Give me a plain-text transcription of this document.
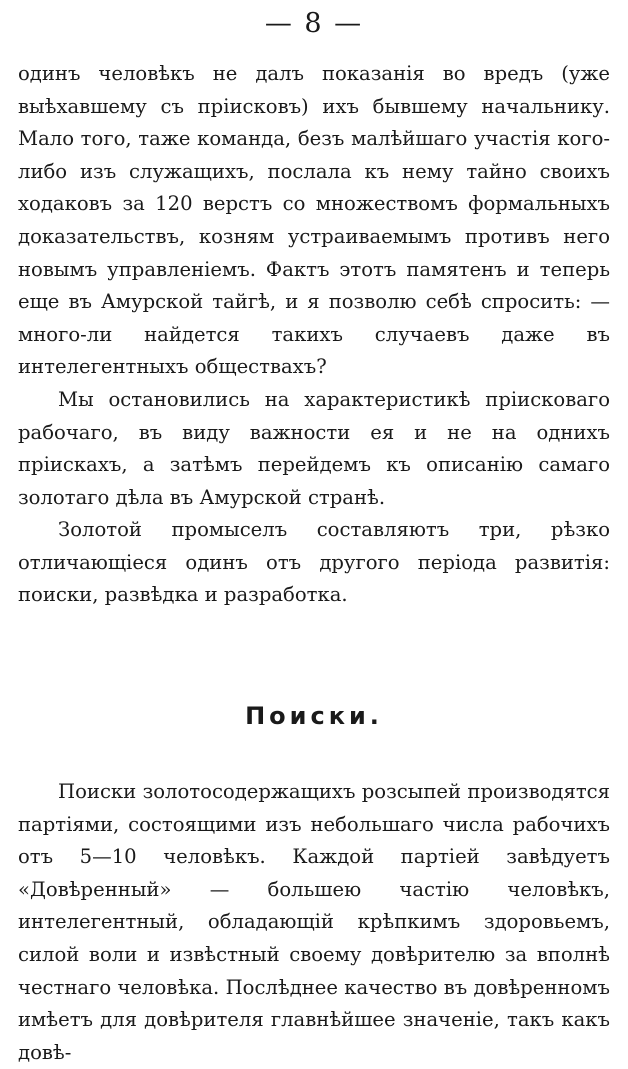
— 8 —

одинъ человѣкъ не далъ показанія во вредъ (уже выѣхавшему съ пріисковъ) ихъ бывшему начальнику. Мало того, таже команда, безъ малѣйшаго участія кого-либо изъ служащихъ, послала къ нему тайно своихъ ходаковъ за 120 верстъ со множествомъ формальныхъ доказательствъ, козням устраиваемымъ противъ него новымъ управленіемъ. Фактъ этотъ памятенъ и теперь еще въ Амурской тайгѣ, и я позволю себѣ спросить: — много-ли найдется такихъ случаевъ даже въ интелегентныхъ обществахъ?

Мы остановились на характеристикѣ пріисковаго рабочаго, въ виду важности ея и не на однихъ пріискахъ, а затѣмъ перейдемъ къ описанію самаго золотаго дѣла въ Амурской странѣ.

Золотой промыселъ составляютъ три, рѣзко отличающіеся одинъ отъ другого періода развитія: поиски, развѣдка и разработка.

Поиски.

Поиски золотосодержащихъ розсыпей производятся партіями, состоящими изъ небольшаго числа рабочихъ отъ 5—10 человѣкъ. Каждой партіей завѣдуетъ «Довѣренный» — большею частію человѣкъ, интелегентный, обладающій крѣпкимъ здоровьемъ, силой воли и извѣстный своему довѣрителю за вполнѣ честнаго человѣка. Послѣднее качество въ довѣренномъ имѣетъ для довѣрителя главнѣйшее значеніе, такъ какъ довѣ-
